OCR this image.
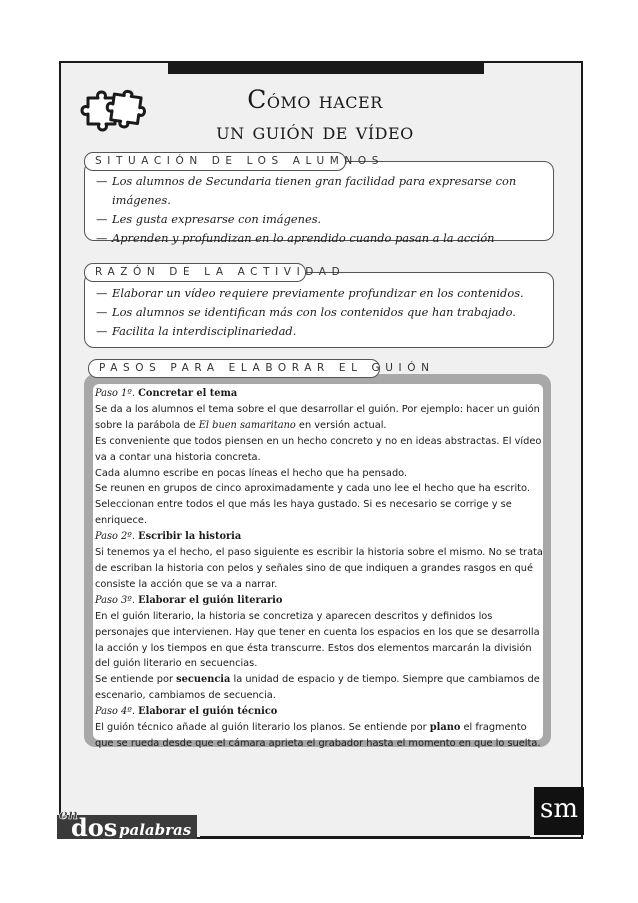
Cómo hacer
un guión de vídeo
SITUACIÓN DE LOS ALUMNOS
— Los alumnos de Secundaria tienen gran facilidad para expresarse con imágenes.
— Les gusta expresarse con imágenes.
— Aprenden y profundizan en lo aprendido cuando pasan a la acción
RAZÓN DE LA ACTIVIDAD
— Elaborar un vídeo requiere previamente profundizar en los contenidos.
— Los alumnos se identifican más con los contenidos que han trabajado.
— Facilita la interdisciplinariedad.
PASOS PARA ELABORAR EL GUIÓN
Paso 1º. Concretar el tema
Se da a los alumnos el tema sobre el que desarrollar el guión. Por ejemplo: hacer un guión sobre la parábola de El buen samaritano en versión actual.
Es conveniente que todos piensen en un hecho concreto y no en ideas abstractas. El vídeo va a contar una historia concreta.
Cada alumno escribe en pocas líneas el hecho que ha pensado.
Se reunen en grupos de cinco aproximadamente y cada uno lee el hecho que ha escrito. Seleccionan entre todos el que más les haya gustado. Si es necesario se corrige y se enriquece.
Paso 2º. Escribir la historia
Si tenemos ya el hecho, el paso siguiente es escribir la historia sobre el mismo. No se trata de escriban la historia con pelos y señales sino de que indiquen a grandes rasgos en qué consiste la acción que se va a narrar.
Paso 3º. Elaborar el guión literario
En el guión literario, la historia se concretiza y aparecen descritos y definidos los personajes que intervienen. Hay que tener en cuenta los espacios en los que se desarrolla la acción y los tiempos en que ésta transcurre. Estos dos elementos marcarán la división del guión literario en secuencias.
Se entiende por secuencia la unidad de espacio y de tiempo. Siempre que cambiamos de escenario, cambiamos de secuencia.
Paso 4º. Elaborar el guión técnico
El guión técnico añade al guión literario los planos. Se entiende por plano el fragmento que se rueda desde que el cámara aprieta el grabador hasta el momento en que lo suelta.
en
dos palabras
sm
